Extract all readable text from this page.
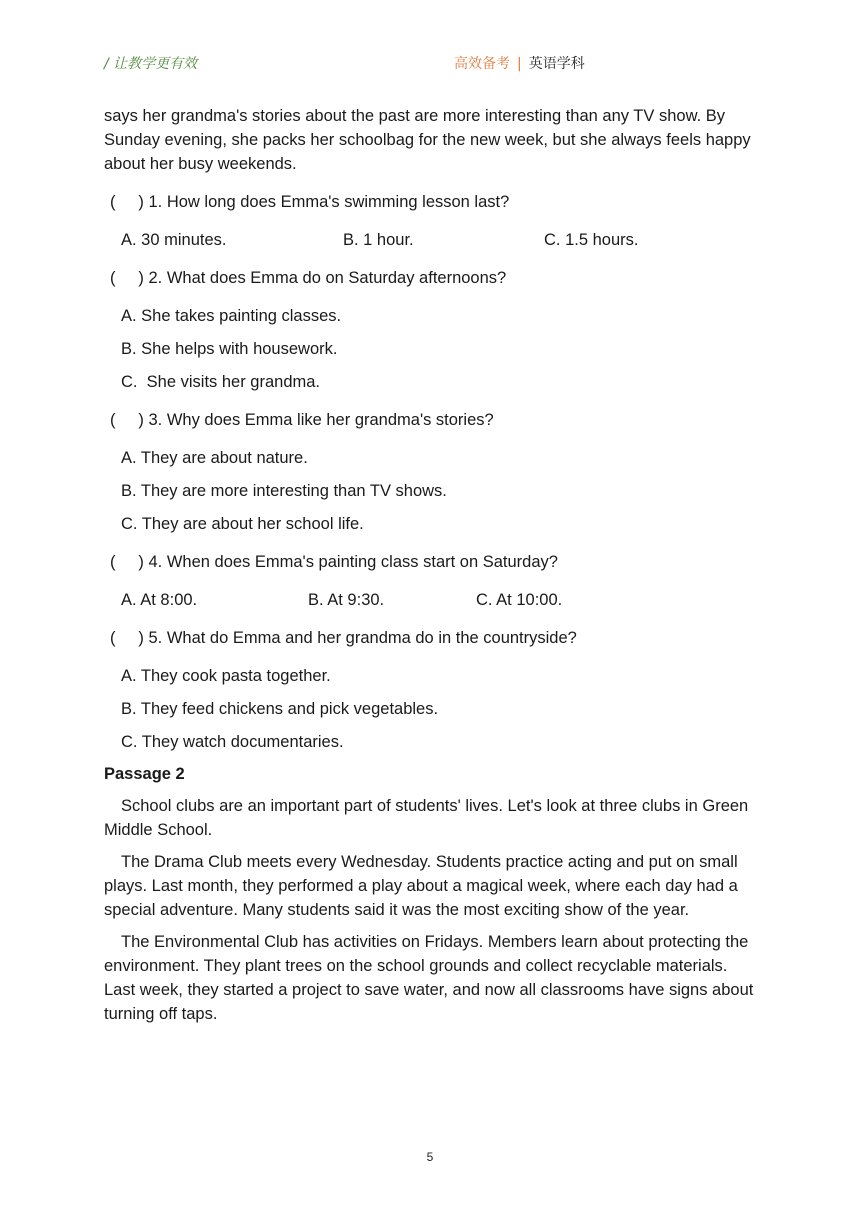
/ 让教学更有效	高效备考 | 英语学科

says her grandma's stories about the past are more interesting than any TV show. By Sunday evening, she packs her schoolbag for the new week, but she always feels happy about her busy weekends.

(     ) 1. How long does Emma's swimming lesson last?
A. 30 minutes.	B. 1 hour.	C. 1.5 hours.
(     ) 2. What does Emma do on Saturday afternoons?
A. She takes painting classes.
B. She helps with housework.
C.  She visits her grandma.
(     ) 3. Why does Emma like her grandma's stories?
A. They are about nature.
B. They are more interesting than TV shows.
C. They are about her school life.
(     ) 4. When does Emma's painting class start on Saturday?
A. At 8:00.	B. At 9:30.	C. At 10:00.
(     ) 5. What do Emma and her grandma do in the countryside?
A. They cook pasta together.
B. They feed chickens and pick vegetables.
C. They watch documentaries.
Passage 2

School clubs are an important part of students' lives. Let's look at three clubs in Green Middle School.

The Drama Club meets every Wednesday. Students practice acting and put on small plays. Last month, they performed a play about a magical week, where each day had a special adventure. Many students said it was the most exciting show of the year.

The Environmental Club has activities on Fridays. Members learn about protecting the environment. They plant trees on the school grounds and collect recyclable materials. Last week, they started a project to save water, and now all classrooms have signs about turning off taps.

5
